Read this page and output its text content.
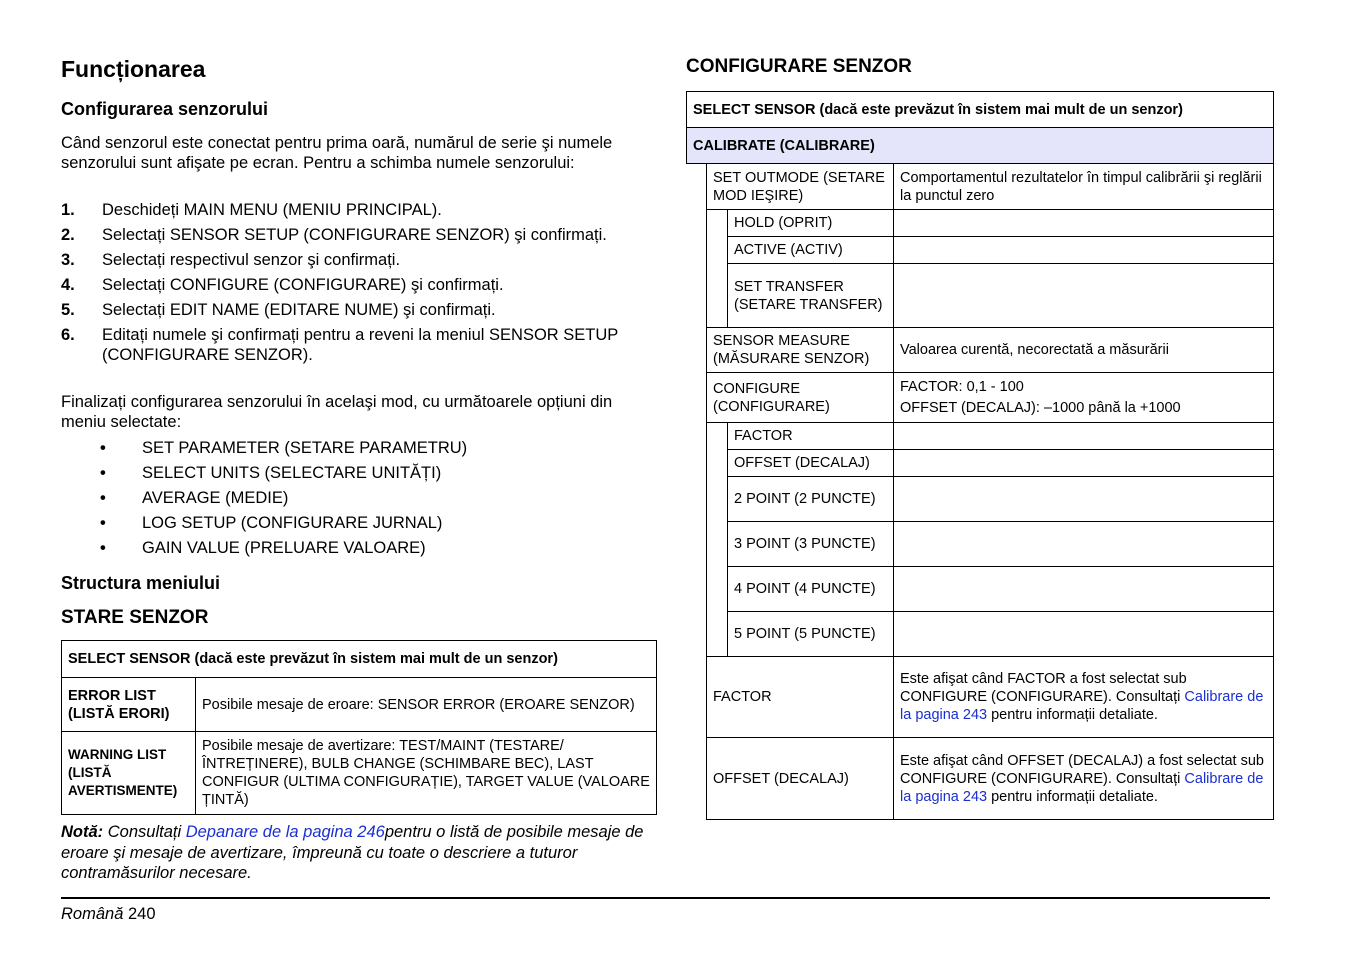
Funcționarea
Configurarea senzorului
Când senzorul este conectat pentru prima oară, numărul de serie şi numele senzorului sunt afişate pe ecran. Pentru a schimba numele senzorului:
1. Deschideți MAIN MENU (MENIU PRINCIPAL).
2. Selectați SENSOR SETUP (CONFIGURARE SENZOR) şi confirmați.
3. Selectați respectivul senzor şi confirmați.
4. Selectați CONFIGURE (CONFIGURARE) şi confirmați.
5. Selectați EDIT NAME (EDITARE NUME) şi confirmați.
6. Editați numele şi confirmați pentru a reveni la meniul SENSOR SETUP (CONFIGURARE SENZOR).
Finalizați configurarea senzorului în acelaşi mod, cu următoarele opțiuni din meniu selectate:
• SET PARAMETER (SETARE PARAMETRU)
• SELECT UNITS (SELECTARE UNITĂȚI)
• AVERAGE (MEDIE)
• LOG SETUP (CONFIGURARE JURNAL)
• GAIN VALUE (PRELUARE VALOARE)
Structura meniului
STARE SENZOR
SELECT SENSOR (dacă este prevăzut în sistem mai mult de un senzor)	
ERROR LIST (LISTĂ ERORI)	Posibile mesaje de eroare: SENSOR ERROR (EROARE SENZOR)
WARNING LIST (LISTĂ AVERTISMENTE)	Posibile mesaje de avertizare: TEST/MAINT (TESTARE/ ÎNTREȚINERE), BULB CHANGE (SCHIMBARE BEC), LAST CONFIGUR (ULTIMA CONFIGURAȚIE), TARGET VALUE (VALOARE ȚINTĂ)
Notă: Consultați Depanare de la pagina 246pentru o listă de posibile mesaje de eroare şi mesaje de avertizare, împreună cu toate o descriere a tuturor contramăsurilor necesare.
CONFIGURARE SENZOR
SELECT SENSOR (dacă este prevăzut în sistem mai mult de un senzor)			
CALIBRATE (CALIBRARE)			
	SET OUTMODE (SETARE MOD IEŞIRE)		Comportamentul rezultatelor în timpul calibrării şi reglării la punctul zero
		HOLD (OPRIT)	
		ACTIVE (ACTIV)	
		SET TRANSFER (SETARE TRANSFER)	
	SENSOR MEASURE (MĂSURARE SENZOR)		Valoarea curentă, necorectată a măsurării
	CONFIGURE (CONFIGURARE)		FACTOR: 0,1 - 100
OFFSET (DECALAJ): –1000 până la +1000

		FACTOR	
		OFFSET (DECALAJ)	
		2 POINT (2 PUNCTE)	
		3 POINT (3 PUNCTE)	
		4 POINT (4 PUNCTE)	
		5 POINT (5 PUNCTE)	
	FACTOR		Este afişat când FACTOR a fost selectat sub CONFIGURE (CONFIGURARE). Consultați Calibrare de la pagina 243 pentru informații detaliate.
	OFFSET (DECALAJ)		Este afişat când OFFSET (DECALAJ) a fost selectat sub CONFIGURE (CONFIGURARE). Consultați Calibrare de la pagina 243 pentru informații detaliate.
Română 240
